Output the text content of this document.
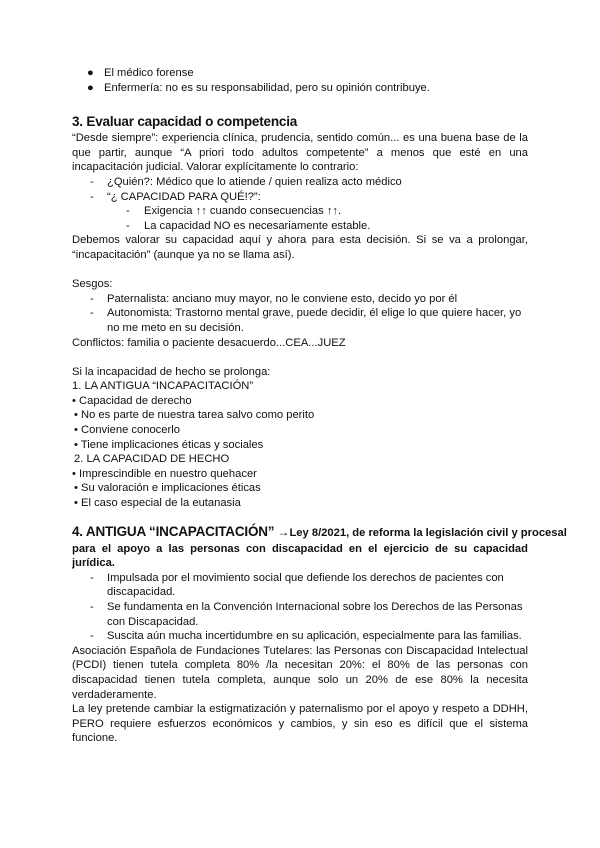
● El médico forense
● Enfermería: no es su responsabilidad, pero su opinión contribuye.
3. Evaluar capacidad o competencia
“Desde siempre”: experiencia clínica, prudencia, sentido común... es una buena base de la
que partir, aunque “A priori todo adultos competente” a menos que esté en una
incapacitación judicial. Valorar explícitamente lo contrario:
- ¿Quién?: Médico que lo atiende / quien realiza acto médico
- “¿ CAPACIDAD PARA QUÉ!?”:
- Exigencia ↑↑ cuando consecuencias ↑↑.
- La capacidad NO es necesariamente estable.
Debemos valorar su capacidad aquí y ahora para esta decisión. Si se va a prolongar,
“incapacitación” (aunque ya no se llama así).
Sesgos:
- Paternalista: anciano muy mayor, no le conviene esto, decido yo por él
- Autonomista: Trastorno mental grave, puede decidir, él elige lo que quiere hacer, yo
no me meto en su decisión.
Conflictos: familia o paciente desacuerdo...CEA...JUEZ
Si la incapacidad de hecho se prolonga:
1. LA ANTIGUA “INCAPACITACIÓN”
• Capacidad de derecho
• No es parte de nuestra tarea salvo como perito
• Conviene conocerlo
• Tiene implicaciones éticas y sociales
2. LA CAPACIDAD DE HECHO
• Imprescindible en nuestro quehacer
• Su valoración e implicaciones éticas
• El caso especial de la eutanasia
4. ANTIGUA “INCAPACITACIÓN” →Ley 8/2021, de reforma la legislación civil y procesal
para el apoyo a las personas con discapacidad en el ejercicio de su capacidad
jurídica.
- Impulsada por el movimiento social que defiende los derechos de pacientes con
discapacidad.
- Se fundamenta en la Convención Internacional sobre los Derechos de las Personas
con Discapacidad.
- Suscita aún mucha incertidumbre en su aplicación, especialmente para las familias.
Asociación Española de Fundaciones Tutelares: las Personas con Discapacidad Intelectual
(PCDI) tienen tutela completa 80% /la necesitan 20%: el 80% de las personas con
discapacidad tienen tutela completa, aunque solo un 20% de ese 80% la necesita
verdaderamente.
La ley pretende cambiar la estigmatización y paternalismo por el apoyo y respeto a DDHH,
PERO requiere esfuerzos económicos y cambios, y sin eso es difícil que el sistema
funcione.
